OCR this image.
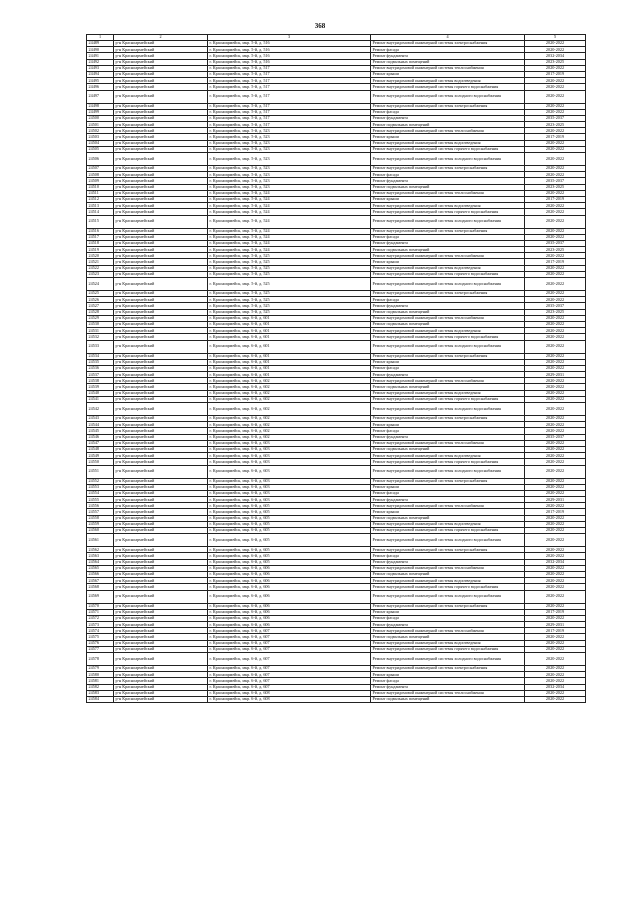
368
1	2	3	4	5
24489	р-н Красноармейский	г. Красноармейск, мкр. 5-й, д. 516	Ремонт внутридомовой инженерной системы электроснабжения	2020-2022
24490	р-н Красноармейский	г. Красноармейск, мкр. 5-й, д. 516	Ремонт фасада	2020-2022
24491	р-н Красноармейский	г. Красноармейск, мкр. 5-й, д. 516	Ремонт фундамента	2032-2034
24492	р-н Красноармейский	г. Красноармейск, мкр. 5-й, д. 516	Ремонт подвальных помещений	2023-2025
24493	р-н Красноармейский	г. Красноармейск, мкр. 5-й, д. 517	Ремонт внутридомовой инженерной системы теплоснабжения	2020-2022
24494	р-н Красноармейский	г. Красноармейск, мкр. 5-й, д. 517	Ремонт крыши	2017-2019
24495	р-н Красноармейский	г. Красноармейск, мкр. 5-й, д. 517	Ремонт внутридомовой инженерной системы водоотведения	2020-2022
24496	р-н Красноармейский	г. Красноармейск, мкр. 5-й, д. 517	Ремонт внутридомовой инженерной системы горячего водоснабжения	2020-2022
24497	р-н Красноармейский	г. Красноармейск, мкр. 5-й, д. 517	Ремонт внутридомовой инженерной системы холодного водоснабжения	2020-2022
24498	р-н Красноармейский	г. Красноармейск, мкр. 5-й, д. 517	Ремонт внутридомовой инженерной системы электроснабжения	2020-2022
24499	р-н Красноармейский	г. Красноармейск, мкр. 5-й, д. 517	Ремонт фасада	2020-2022
24500	р-н Красноармейский	г. Красноармейск, мкр. 5-й, д. 517	Ремонт фундамента	2035-2037
24501	р-н Красноармейский	г. Красноармейск, мкр. 5-й, д. 517	Ремонт подвальных помещений	2023-2025
24502	р-н Красноармейский	г. Красноармейск, мкр. 5-й, д. 523	Ремонт внутридомовой инженерной системы теплоснабжения	2020-2022
24503	р-н Красноармейский	г. Красноармейск, мкр. 5-й, д. 523	Ремонт крыши	2017-2019
24504	р-н Красноармейский	г. Красноармейск, мкр. 5-й, д. 523	Ремонт внутридомовой инженерной системы водоотведения	2020-2022
24505	р-н Красноармейский	г. Красноармейск, мкр. 5-й, д. 523	Ремонт внутридомовой инженерной системы горячего водоснабжения	2020-2022
24506	р-н Красноармейский	г. Красноармейск, мкр. 5-й, д. 523	Ремонт внутридомовой инженерной системы холодного водоснабжения	2020-2022
24507	р-н Красноармейский	г. Красноармейск, мкр. 5-й, д. 523	Ремонт внутридомовой инженерной системы электроснабжения	2020-2022
24508	р-н Красноармейский	г. Красноармейск, мкр. 5-й, д. 523	Ремонт фасада	2020-2022
24509	р-н Красноармейский	г. Красноармейск, мкр. 5-й, д. 523	Ремонт фундамента	2035-2037
24510	р-н Красноармейский	г. Красноармейск, мкр. 5-й, д. 523	Ремонт подвальных помещений	2023-2025
24511	р-н Красноармейский	г. Красноармейск, мкр. 5-й, д. 524	Ремонт внутридомовой инженерной системы теплоснабжения	2020-2022
24512	р-н Красноармейский	г. Красноармейск, мкр. 5-й, д. 524	Ремонт крыши	2017-2019
24513	р-н Красноармейский	г. Красноармейск, мкр. 5-й, д. 524	Ремонт внутридомовой инженерной системы водоотведения	2020-2022
24514	р-н Красноармейский	г. Красноармейск, мкр. 5-й, д. 524	Ремонт внутридомовой инженерной системы горячего водоснабжения	2020-2022
24515	р-н Красноармейский	г. Красноармейск, мкр. 5-й, д. 524	Ремонт внутридомовой инженерной системы холодного водоснабжения	2020-2022
24516	р-н Красноармейский	г. Красноармейск, мкр. 5-й, д. 524	Ремонт внутридомовой инженерной системы электроснабжения	2020-2022
24517	р-н Красноармейский	г. Красноармейск, мкр. 5-й, д. 524	Ремонт фасада	2020-2022
24518	р-н Красноармейский	г. Красноармейск, мкр. 5-й, д. 524	Ремонт фундамента	2035-2037
24519	р-н Красноармейский	г. Красноармейск, мкр. 5-й, д. 524	Ремонт подвальных помещений	2023-2025
24520	р-н Красноармейский	г. Красноармейск, мкр. 5-й, д. 525	Ремонт внутридомовой инженерной системы теплоснабжения	2020-2022
24521	р-н Красноармейский	г. Красноармейск, мкр. 5-й, д. 525	Ремонт крыши	2017-2019
24522	р-н Красноармейский	г. Красноармейск, мкр. 5-й, д. 525	Ремонт внутридомовой инженерной системы водоотведения	2020-2022
24523	р-н Красноармейский	г. Красноармейск, мкр. 5-й, д. 525	Ремонт внутридомовой инженерной системы горячего водоснабжения	2020-2022
24524	р-н Красноармейский	г. Красноармейск, мкр. 5-й, д. 525	Ремонт внутридомовой инженерной системы холодного водоснабжения	2020-2022
24525	р-н Красноармейский	г. Красноармейск, мкр. 5-й, д. 525	Ремонт внутридомовой инженерной системы электроснабжения	2020-2022
24526	р-н Красноармейский	г. Красноармейск, мкр. 5-й, д. 525	Ремонт фасада	2020-2022
24527	р-н Красноармейский	г. Красноармейск, мкр. 5-й, д. 525	Ремонт фундамента	2035-2037
24528	р-н Красноармейский	г. Красноармейск, мкр. 5-й, д. 525	Ремонт подвальных помещений	2023-2025
24529	р-н Красноармейский	г. Красноармейск, мкр. 6-й, д. 601	Ремонт внутридомовой инженерной системы теплоснабжения	2020-2022
24530	р-н Красноармейский	г. Красноармейск, мкр. 6-й, д. 601	Ремонт подвальных помещений	2020-2022
24531	р-н Красноармейский	г. Красноармейск, мкр. 6-й, д. 601	Ремонт внутридомовой инженерной системы водоотведения	2020-2022
24532	р-н Красноармейский	г. Красноармейск, мкр. 6-й, д. 601	Ремонт внутридомовой инженерной системы горячего водоснабжения	2020-2022
24533	р-н Красноармейский	г. Красноармейск, мкр. 6-й, д. 601	Ремонт внутридомовой инженерной системы холодного водоснабжения	2020-2022
24534	р-н Красноармейский	г. Красноармейск, мкр. 6-й, д. 601	Ремонт внутридомовой инженерной системы электроснабжения	2020-2022
24535	р-н Красноармейский	г. Красноармейск, мкр. 6-й, д. 601	Ремонт крыши	2020-2022
24536	р-н Красноармейский	г. Красноармейск, мкр. 6-й, д. 601	Ремонт фасада	2020-2022
24537	р-н Красноармейский	г. Красноармейск, мкр. 6-й, д. 601	Ремонт фундамента	2029-2031
24538	р-н Красноармейский	г. Красноармейск, мкр. 6-й, д. 602	Ремонт внутридомовой инженерной системы теплоснабжения	2020-2022
24539	р-н Красноармейский	г. Красноармейск, мкр. 6-й, д. 602	Ремонт подвальных помещений	2020-2022
24540	р-н Красноармейский	г. Красноармейск, мкр. 6-й, д. 602	Ремонт внутридомовой инженерной системы водоотведения	2020-2022
24541	р-н Красноармейский	г. Красноармейск, мкр. 6-й, д. 602	Ремонт внутридомовой инженерной системы горячего водоснабжения	2020-2022
24542	р-н Красноармейский	г. Красноармейск, мкр. 6-й, д. 602	Ремонт внутридомовой инженерной системы холодного водоснабжения	2020-2022
24543	р-н Красноармейский	г. Красноармейск, мкр. 6-й, д. 602	Ремонт внутридомовой инженерной системы электроснабжения	2020-2022
24544	р-н Красноармейский	г. Красноармейск, мкр. 6-й, д. 602	Ремонт крыши	2020-2022
24545	р-н Красноармейский	г. Красноармейск, мкр. 6-й, д. 602	Ремонт фасада	2020-2022
24546	р-н Красноармейский	г. Красноармейск, мкр. 6-й, д. 602	Ремонт фундамента	2035-2037
24547	р-н Красноармейский	г. Красноармейск, мкр. 6-й, д. 603	Ремонт внутридомовой инженерной системы теплоснабжения	2020-2022
24548	р-н Красноармейский	г. Красноармейск, мкр. 6-й, д. 603	Ремонт подвальных помещений	2020-2022
24549	р-н Красноармейский	г. Красноармейск, мкр. 6-й, д. 603	Ремонт внутридомовой инженерной системы водоотведения	2020-2022
24550	р-н Красноармейский	г. Красноармейск, мкр. 6-й, д. 603	Ремонт внутридомовой инженерной системы горячего водоснабжения	2020-2022
24551	р-н Красноармейский	г. Красноармейск, мкр. 6-й, д. 603	Ремонт внутридомовой инженерной системы холодного водоснабжения	2020-2022
24552	р-н Красноармейский	г. Красноармейск, мкр. 6-й, д. 603	Ремонт внутридомовой инженерной системы электроснабжения	2020-2022
24553	р-н Красноармейский	г. Красноармейск, мкр. 6-й, д. 603	Ремонт крыши	2020-2022
24554	р-н Красноармейский	г. Красноармейск, мкр. 6-й, д. 603	Ремонт фасада	2020-2022
24555	р-н Красноармейский	г. Красноармейск, мкр. 6-й, д. 603	Ремонт фундамента	2029-2031
24556	р-н Красноармейский	г. Красноармейск, мкр. 6-й, д. 605	Ремонт внутридомовой инженерной системы теплоснабжения	2020-2022
24557	р-н Красноармейский	г. Красноармейск, мкр. 6-й, д. 605	Ремонт крыши	2017-2019
24558	р-н Красноармейский	г. Красноармейск, мкр. 6-й, д. 605	Ремонт подвальных помещений	2020-2022
24559	р-н Красноармейский	г. Красноармейск, мкр. 6-й, д. 605	Ремонт внутридомовой инженерной системы водоотведения	2020-2022
24560	р-н Красноармейский	г. Красноармейск, мкр. 6-й, д. 605	Ремонт внутридомовой инженерной системы горячего водоснабжения	2020-2022
24561	р-н Красноармейский	г. Красноармейск, мкр. 6-й, д. 605	Ремонт внутридомовой инженерной системы холодного водоснабжения	2020-2022
24562	р-н Красноармейский	г. Красноармейск, мкр. 6-й, д. 605	Ремонт внутридомовой инженерной системы электроснабжения	2020-2022
24563	р-н Красноармейский	г. Красноармейск, мкр. 6-й, д. 605	Ремонт фасада	2020-2022
24564	р-н Красноармейский	г. Красноармейск, мкр. 6-й, д. 605	Ремонт фундамента	2032-2034
24565	р-н Красноармейский	г. Красноармейск, мкр. 6-й, д. 606	Ремонт внутридомовой инженерной системы теплоснабжения	2020-2022
24566	р-н Красноармейский	г. Красноармейск, мкр. 6-й, д. 606	Ремонт подвальных помещений	2020-2022
24567	р-н Красноармейский	г. Красноармейск, мкр. 6-й, д. 606	Ремонт внутридомовой инженерной системы водоотведения	2020-2022
24568	р-н Красноармейский	г. Красноармейск, мкр. 6-й, д. 606	Ремонт внутридомовой инженерной системы горячего водоснабжения	2020-2022
24569	р-н Красноармейский	г. Красноармейск, мкр. 6-й, д. 606	Ремонт внутридомовой инженерной системы холодного водоснабжения	2020-2022
24570	р-н Красноармейский	г. Красноармейск, мкр. 6-й, д. 606	Ремонт внутридомовой инженерной системы электроснабжения	2020-2022
24571	р-н Красноармейский	г. Красноармейск, мкр. 6-й, д. 606	Ремонт крыши	2017-2019
24572	р-н Красноармейский	г. Красноармейск, мкр. 6-й, д. 606	Ремонт фасада	2020-2022
24573	р-н Красноармейский	г. Красноармейск, мкр. 6-й, д. 606	Ремонт фундамента	2029-2031
24574	р-н Красноармейский	г. Красноармейск, мкр. 6-й, д. 607	Ремонт внутридомовой инженерной системы теплоснабжения	2017-2019
24575	р-н Красноармейский	г. Красноармейск, мкр. 6-й, д. 607	Ремонт подвальных помещений	2020-2022
24576	р-н Красноармейский	г. Красноармейск, мкр. 6-й, д. 607	Ремонт внутридомовой инженерной системы водоотведения	2020-2022
24577	р-н Красноармейский	г. Красноармейск, мкр. 6-й, д. 607	Ремонт внутридомовой инженерной системы горячего водоснабжения	2020-2022
24578	р-н Красноармейский	г. Красноармейск, мкр. 6-й, д. 607	Ремонт внутридомовой инженерной системы холодного водоснабжения	2020-2022
24579	р-н Красноармейский	г. Красноармейск, мкр. 6-й, д. 607	Ремонт внутридомовой инженерной системы электроснабжения	2020-2022
24580	р-н Красноармейский	г. Красноармейск, мкр. 6-й, д. 607	Ремонт крыши	2020-2022
24581	р-н Красноармейский	г. Красноармейск, мкр. 6-й, д. 607	Ремонт фасада	2020-2022
24582	р-н Красноармейский	г. Красноармейск, мкр. 6-й, д. 607	Ремонт фундамента	2032-2034
24583	р-н Красноармейский	г. Красноармейск, мкр. 6-й, д. 608	Ремонт внутридомовой инженерной системы теплоснабжения	2020-2022
24584	р-н Красноармейский	г. Красноармейск, мкр. 6-й, д. 608	Ремонт подвальных помещений	2020-2022
